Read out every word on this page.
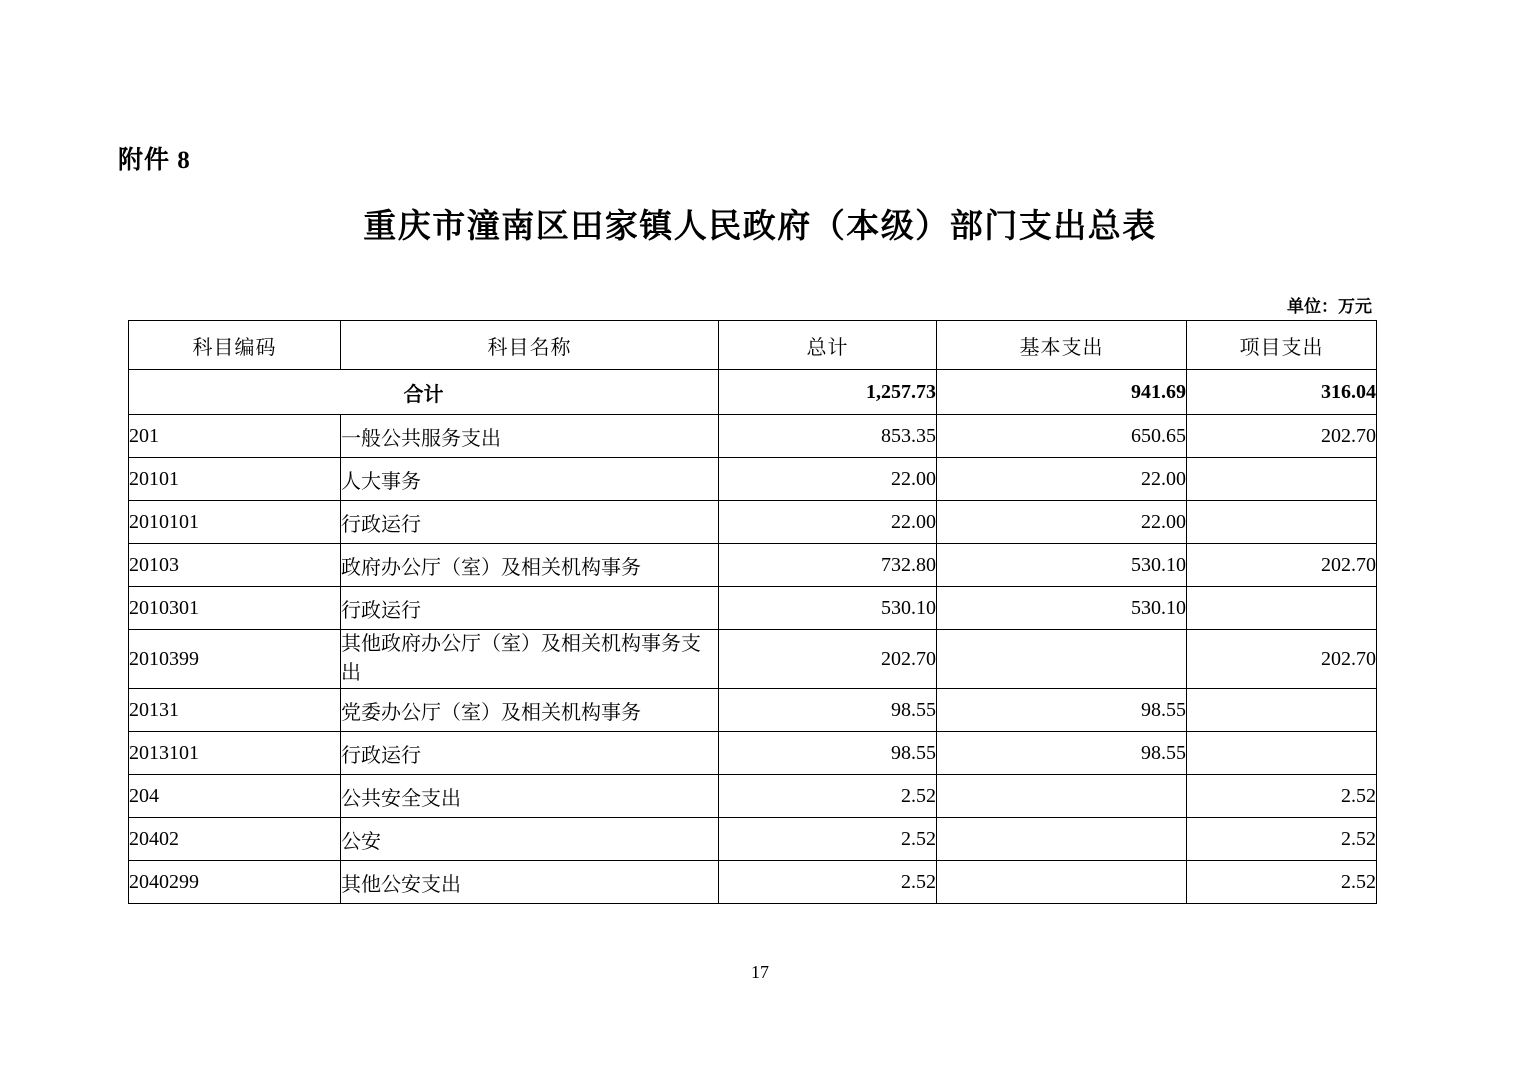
附件 8
重庆市潼南区田家镇人民政府（本级）部门支出总表
单位：万元
科目编码	科目名称	总计	基本支出	项目支出
合计		1,257.73	941.69	316.04
201	一般公共服务支出	853.35	650.65	202.70
20101	人大事务	22.00	22.00	
2010101	行政运行	22.00	22.00	
20103	政府办公厅（室）及相关机构事务	732.80	530.10	202.70
2010301	行政运行	530.10	530.10	
2010399	其他政府办公厅（室）及相关机构事务支出	202.70		202.70
20131	党委办公厅（室）及相关机构事务	98.55	98.55	
2013101	行政运行	98.55	98.55	
204	公共安全支出	2.52		2.52
20402	公安	2.52		2.52
2040299	其他公安支出	2.52		2.52
17
